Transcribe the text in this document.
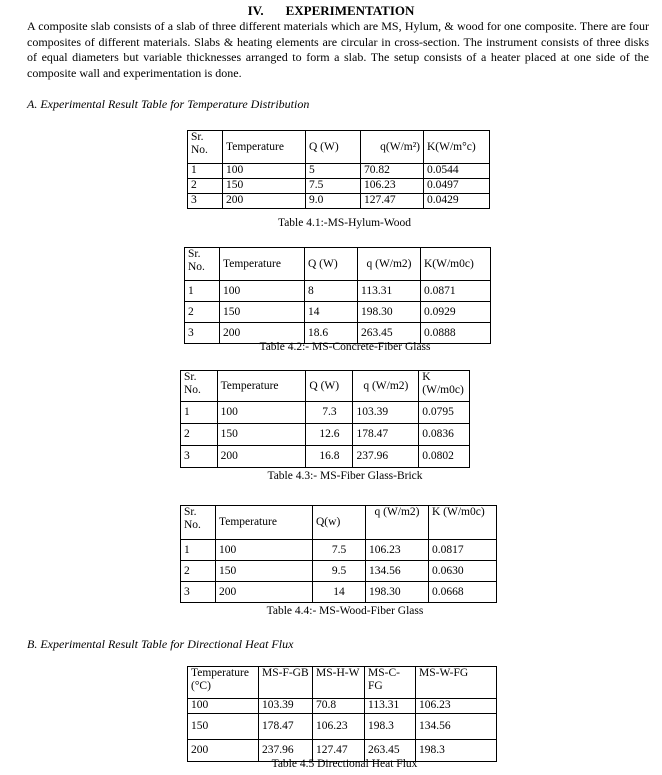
IV. EXPERIMENTATION
A composite slab consists of a slab of three different materials which are MS, Hylum, & wood for one composite. There are four composites of different materials. Slabs & heating elements are circular in cross-section. The instrument consists of three disks of equal diameters but variable thicknesses arranged to form a slab. The setup consists of a heater placed at one side of the composite wall and experimentation is done.
A. Experimental Result Table for Temperature Distribution
Sr. No.	Temperature	Q (W)	q(W/m²)	K(W/m°c)
1	100	5	70.82	0.0544
2	150	7.5	106.23	0.0497
3	200	9.0	127.47	0.0429
Table 4.1:-MS-Hylum-Wood
Sr. No.	Temperature	Q (W)	q (W/m2)	K(W/m0c)
1	100	8	113.31	0.0871
2	150	14	198.30	0.0929
3	200	18.6	263.45	0.0888
Table 4.2:- MS-Concrete-Fiber Glass
Sr. No.	Temperature	Q (W)	q (W/m2)	K (W/m0c)
1	100	7.3	103.39	0.0795
2	150	12.6	178.47	0.0836
3	200	16.8	237.96	0.0802
Table 4.3:- MS-Fiber Glass-Brick
Sr. No.	Temperature	Q(w)	q (W/m2)	K (W/m0c)
1	100	7.5	106.23	0.0817
2	150	9.5	134.56	0.0630
3	200	14	198.30	0.0668
Table 4.4:- MS-Wood-Fiber Glass
B. Experimental Result Table for Directional Heat Flux
Temperature (°C)	MS-F-GB	MS-H-W	MS-C-FG	MS-W-FG
100	103.39	70.8	113.31	106.23
150	178.47	106.23	198.3	134.56
200	237.96	127.47	263.45	198.3
Table 4.5 Directional Heat Flux
